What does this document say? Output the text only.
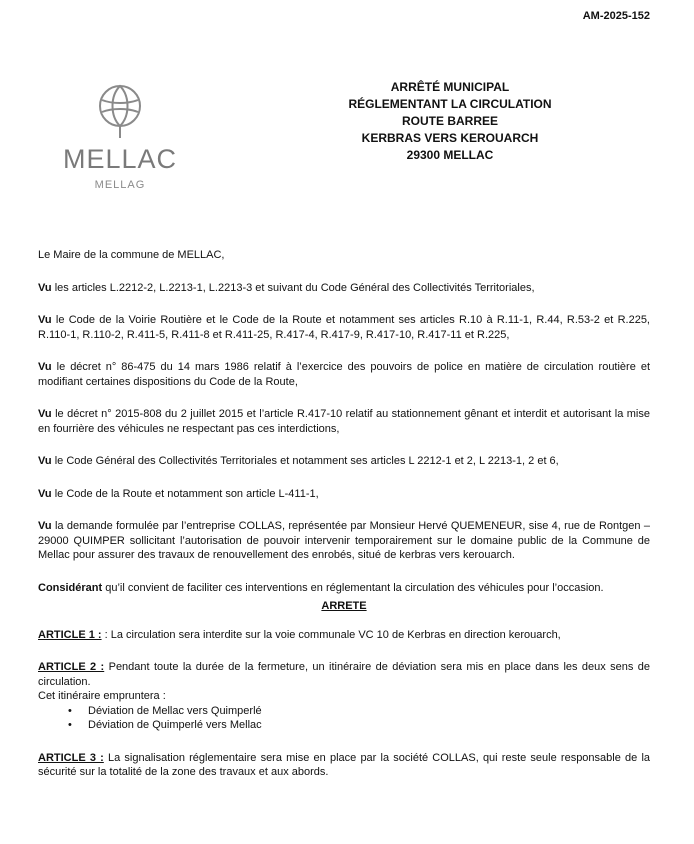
AM-2025-152
MELLAC
MELLAG
ARRÊTÉ MUNICIPAL
RÉGLEMENTANT LA CIRCULATION
ROUTE BARREE
KERBRAS VERS KEROUARCH
29300 MELLAC

Le Maire de la commune de MELLAC,

Vu les articles L.2212-2, L.2213-1, L.2213-3 et suivant du Code Général des Collectivités Territoriales,

Vu le Code de la Voirie Routière et le Code de la Route et notamment ses articles R.10 à R.11-1, R.44, R.53-2 et R.225, R.110-1, R.110-2, R.411-5, R.411-8 et R.411-25, R.417-4, R.417-9, R.417-10, R.417-11 et R.225,

Vu le décret n° 86-475 du 14 mars 1986 relatif à l’exercice des pouvoirs de police en matière de circulation routière et modifiant certaines dispositions du Code de la Route,

Vu le décret n° 2015-808 du 2 juillet 2015 et l’article R.417-10 relatif au stationnement gênant et interdit et autorisant la mise en fourrière des véhicules ne respectant pas ces interdictions,

Vu le Code Général des Collectivités Territoriales et notamment ses articles L 2212-1 et 2, L 2213-1, 2 et 6,

Vu le Code de la Route et notamment son article L-411-1,

Vu la demande formulée par l’entreprise COLLAS, représentée par Monsieur Hervé QUEMENEUR, sise 4, rue de Rontgen – 29000 QUIMPER sollicitant l’autorisation de pouvoir intervenir temporairement sur le domaine public de la Commune de Mellac pour assurer des travaux de renouvellement des enrobés, situé de kerbras vers kerouarch.

Considérant qu’il convient de faciliter ces interventions en réglementant la circulation des véhicules pour l’occasion.

ARRETE

ARTICLE 1 : : La circulation sera interdite sur la voie communale VC 10 de Kerbras en direction kerouarch,

ARTICLE 2 : Pendant toute la durée de la fermeture, un itinéraire de déviation sera mis en place dans les deux sens de circulation.
Cet itinéraire empruntera :
• Déviation de Mellac vers Quimperlé
• Déviation de Quimperlé vers Mellac

ARTICLE 3 : La signalisation réglementaire sera mise en place par la société COLLAS, qui reste seule responsable de la sécurité sur la totalité de la zone des travaux et aux abords.
